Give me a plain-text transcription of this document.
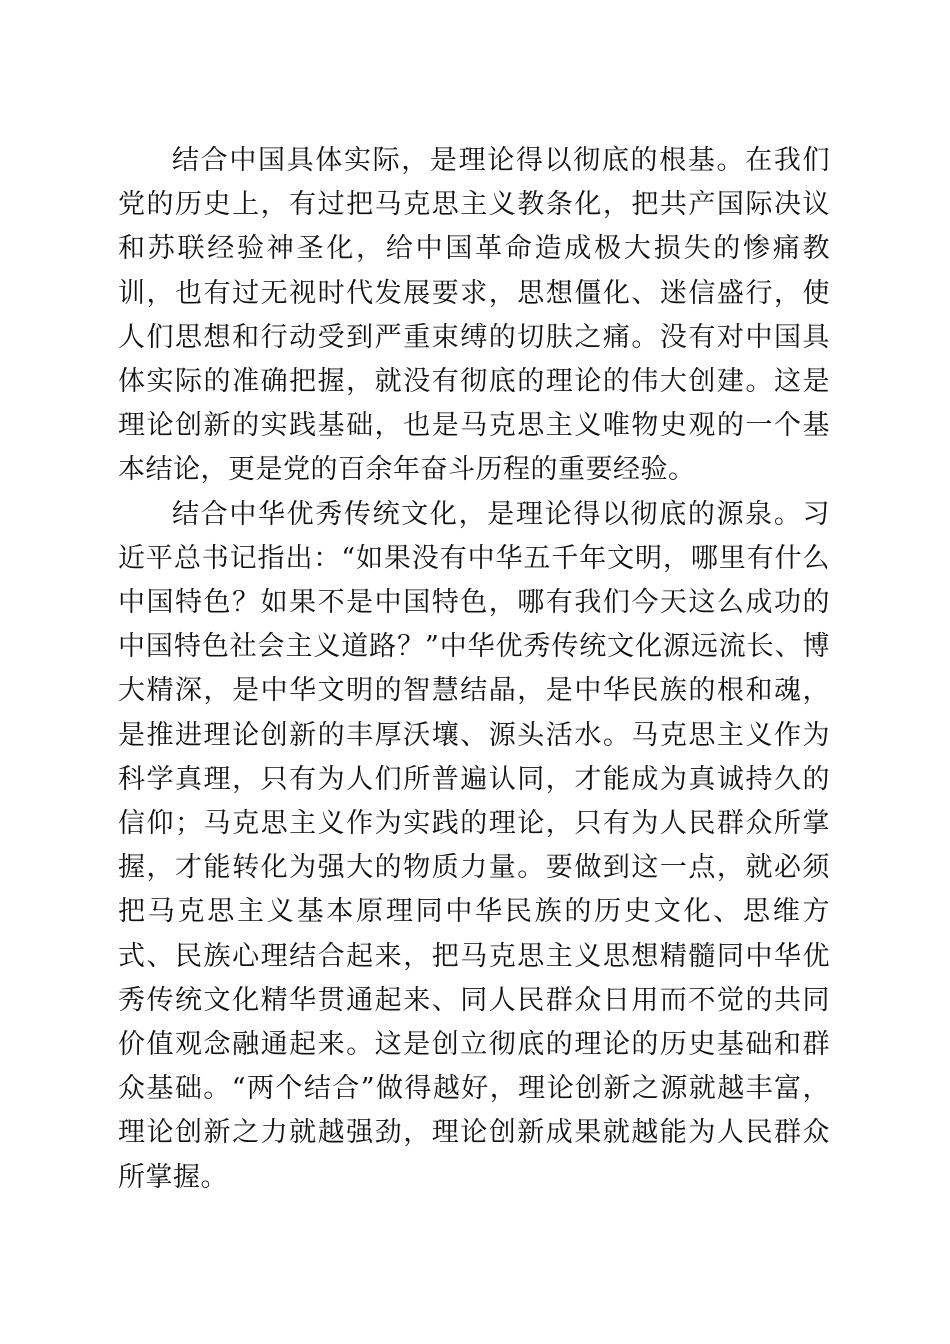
结合中国具体实际，是理论得以彻底的根基。在我们党的历史上，有过把马克思主义教条化，把共产国际决议和苏联经验神圣化，给中国革命造成极大损失的惨痛教训，也有过无视时代发展要求，思想僵化、迷信盛行，使人们思想和行动受到严重束缚的切肤之痛。没有对中国具体实际的准确把握，就没有彻底的理论的伟大创建。这是理论创新的实践基础，也是马克思主义唯物史观的一个基本结论，更是党的百余年奋斗历程的重要经验。

结合中华优秀传统文化，是理论得以彻底的源泉。习近平总书记指出：“如果没有中华五千年文明，哪里有什么中国特色？如果不是中国特色，哪有我们今天这么成功的中国特色社会主义道路？”中华优秀传统文化源远流长、博大精深，是中华文明的智慧结晶，是中华民族的根和魂，是推进理论创新的丰厚沃壤、源头活水。马克思主义作为科学真理，只有为人们所普遍认同，才能成为真诚持久的信仰；马克思主义作为实践的理论，只有为人民群众所掌握，才能转化为强大的物质力量。要做到这一点，就必须把马克思主义基本原理同中华民族的历史文化、思维方式、民族心理结合起来，把马克思主义思想精髓同中华优秀传统文化精华贯通起来、同人民群众日用而不觉的共同价值观念融通起来。这是创立彻底的理论的历史基础和群众基础。“两个结合”做得越好，理论创新之源就越丰富，理论创新之力就越强劲，理论创新成果就越能为人民群众所掌握。
